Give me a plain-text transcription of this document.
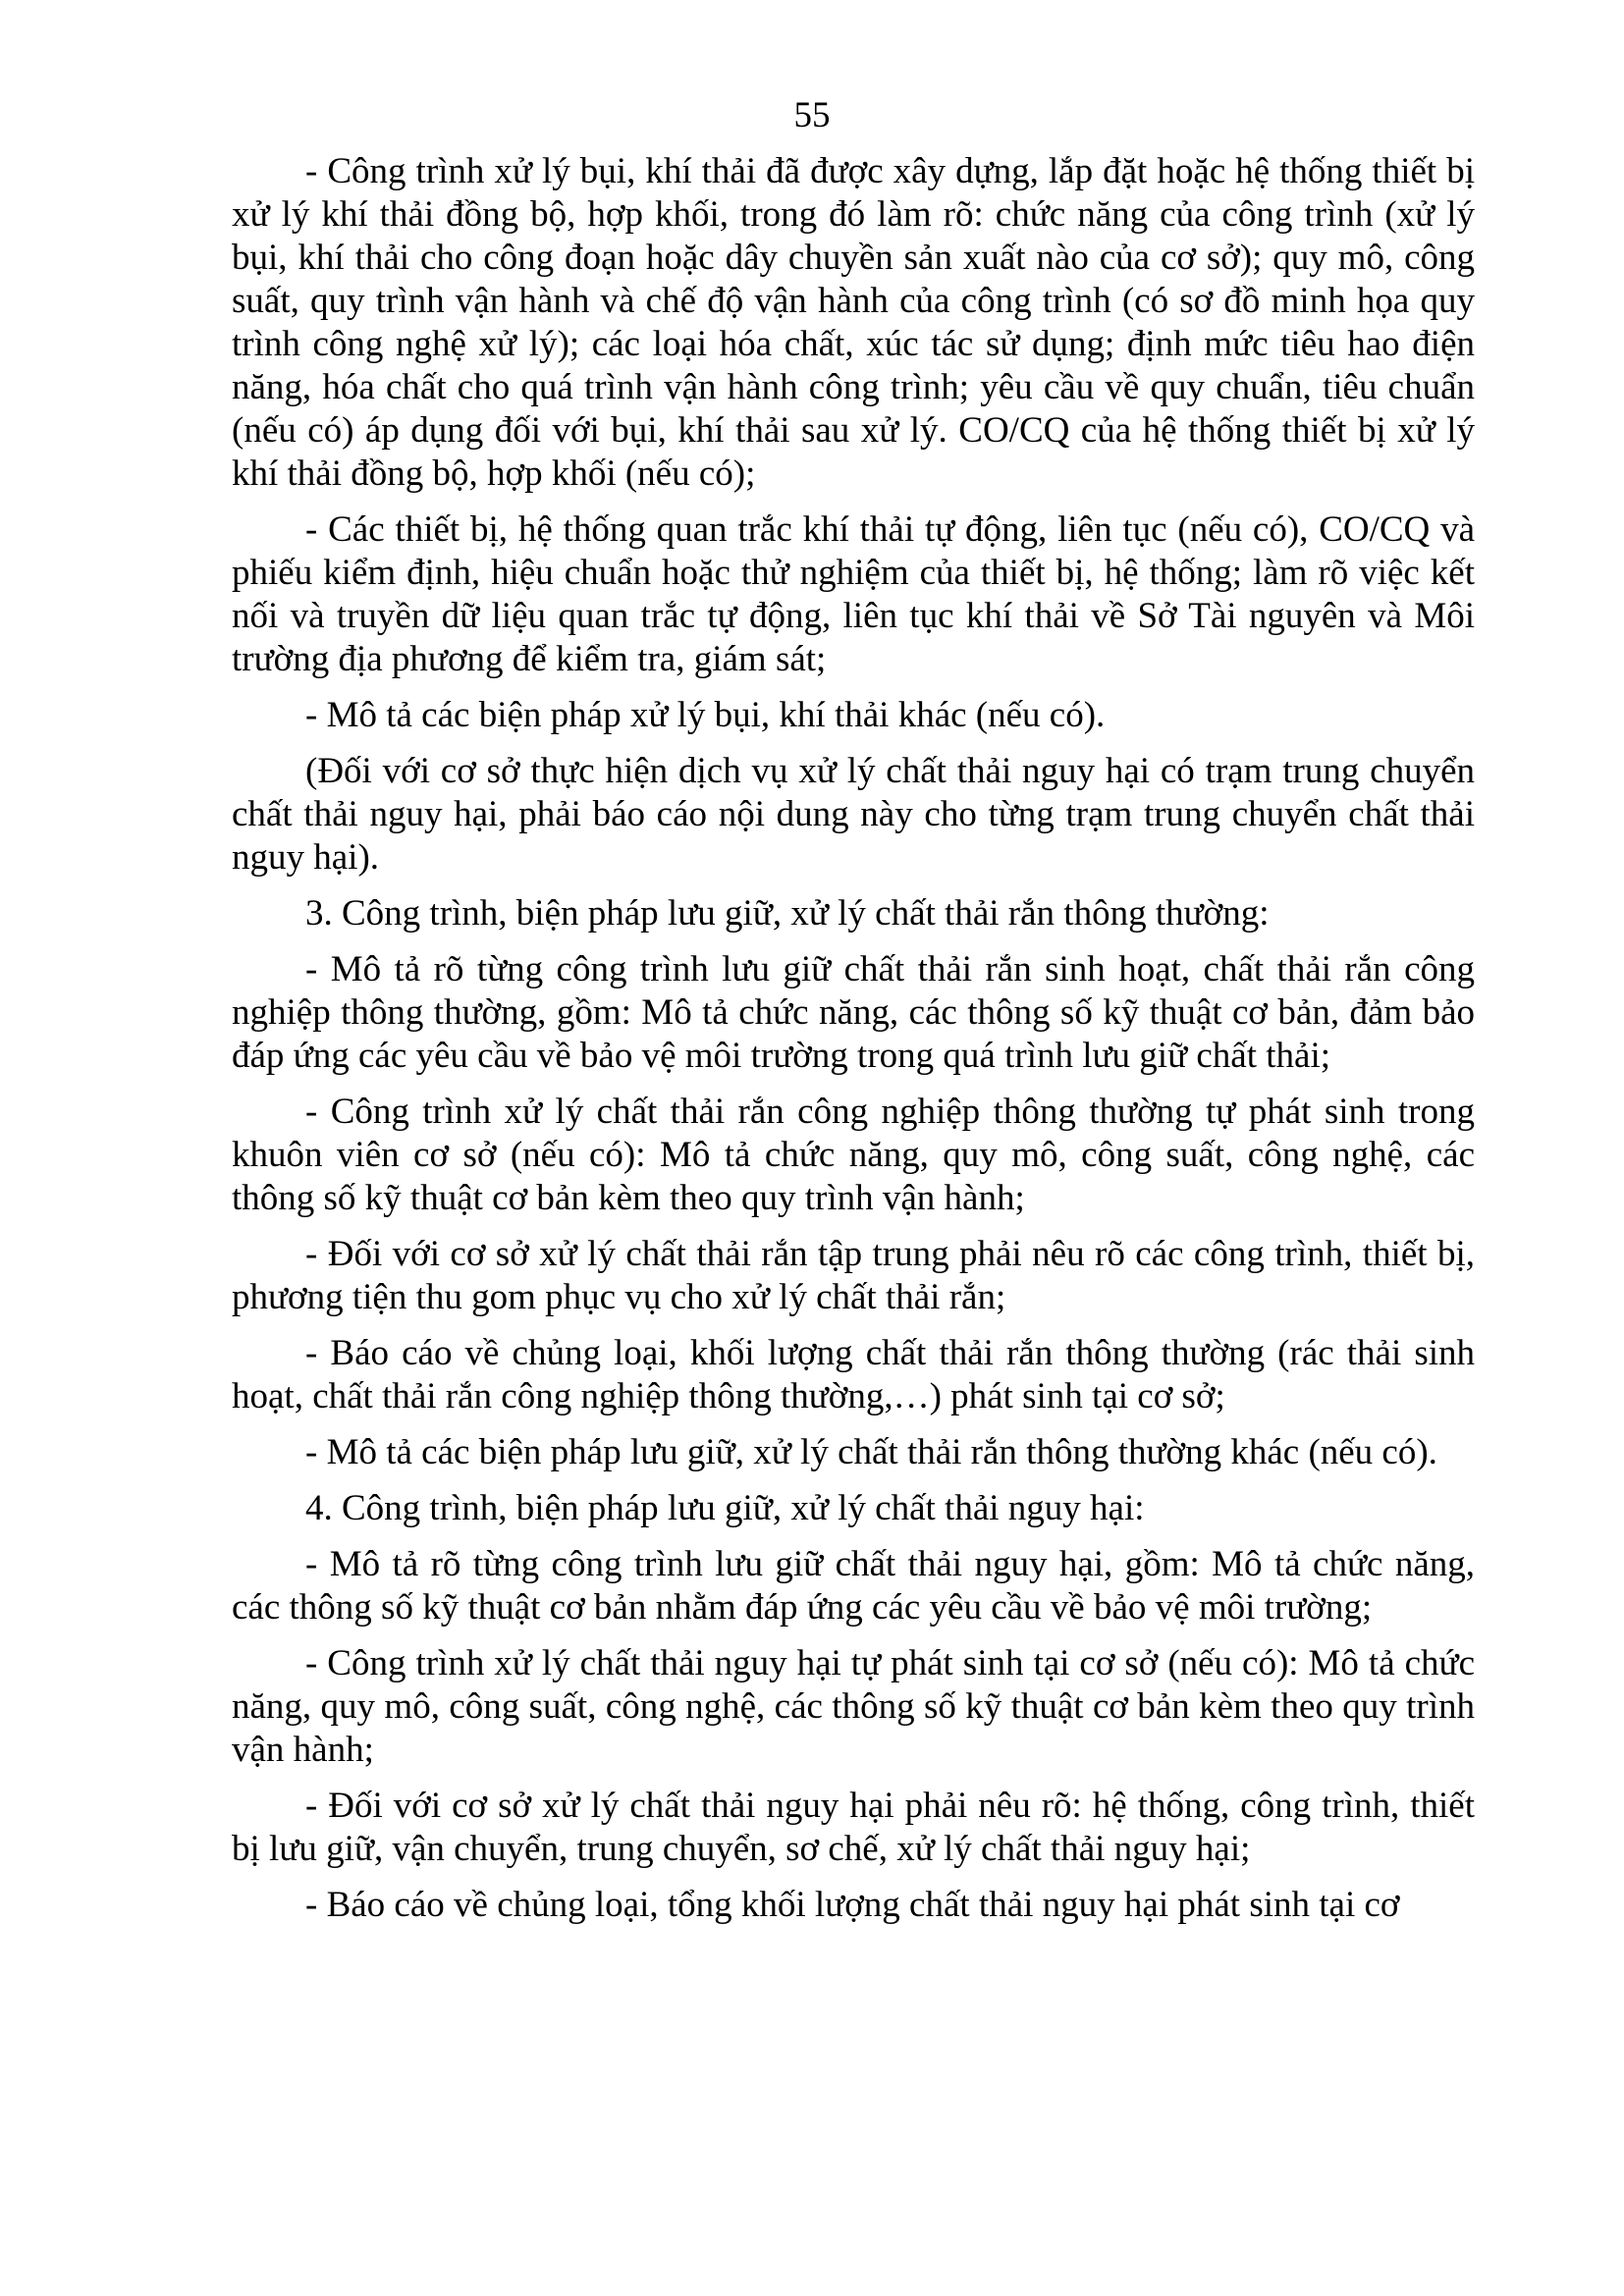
55

- Công trình xử lý bụi, khí thải đã được xây dựng, lắp đặt hoặc hệ thống thiết bị xử lý khí thải đồng bộ, hợp khối, trong đó làm rõ: chức năng của công trình (xử lý bụi, khí thải cho công đoạn hoặc dây chuyền sản xuất nào của cơ sở); quy mô, công suất, quy trình vận hành và chế độ vận hành của công trình (có sơ đồ minh họa quy trình công nghệ xử lý); các loại hóa chất, xúc tác sử dụng; định mức tiêu hao điện năng, hóa chất cho quá trình vận hành công trình; yêu cầu về quy chuẩn, tiêu chuẩn (nếu có) áp dụng đối với bụi, khí thải sau xử lý. CO/CQ của hệ thống thiết bị xử lý khí thải đồng bộ, hợp khối (nếu có);

- Các thiết bị, hệ thống quan trắc khí thải tự động, liên tục (nếu có), CO/CQ và phiếu kiểm định, hiệu chuẩn hoặc thử nghiệm của thiết bị, hệ thống; làm rõ việc kết nối và truyền dữ liệu quan trắc tự động, liên tục khí thải về Sở Tài nguyên và Môi trường địa phương để kiểm tra, giám sát;

- Mô tả các biện pháp xử lý bụi, khí thải khác (nếu có).

(Đối với cơ sở thực hiện dịch vụ xử lý chất thải nguy hại có trạm trung chuyển chất thải nguy hại, phải báo cáo nội dung này cho từng trạm trung chuyển chất thải nguy hại).

3. Công trình, biện pháp lưu giữ, xử lý chất thải rắn thông thường:

- Mô tả rõ từng công trình lưu giữ chất thải rắn sinh hoạt, chất thải rắn công nghiệp thông thường, gồm: Mô tả chức năng, các thông số kỹ thuật cơ bản, đảm bảo đáp ứng các yêu cầu về bảo vệ môi trường trong quá trình lưu giữ chất thải;

- Công trình xử lý chất thải rắn công nghiệp thông thường tự phát sinh trong khuôn viên cơ sở (nếu có): Mô tả chức năng, quy mô, công suất, công nghệ, các thông số kỹ thuật cơ bản kèm theo quy trình vận hành;

- Đối với cơ sở xử lý chất thải rắn tập trung phải nêu rõ các công trình, thiết bị, phương tiện thu gom phục vụ cho xử lý chất thải rắn;

- Báo cáo về chủng loại, khối lượng chất thải rắn thông thường (rác thải sinh hoạt, chất thải rắn công nghiệp thông thường,…) phát sinh tại cơ sở;

- Mô tả các biện pháp lưu giữ, xử lý chất thải rắn thông thường khác (nếu có).

4. Công trình, biện pháp lưu giữ, xử lý chất thải nguy hại:

- Mô tả rõ từng công trình lưu giữ chất thải nguy hại, gồm: Mô tả chức năng, các thông số kỹ thuật cơ bản nhằm đáp ứng các yêu cầu về bảo vệ môi trường;

- Công trình xử lý chất thải nguy hại tự phát sinh tại cơ sở (nếu có): Mô tả chức năng, quy mô, công suất, công nghệ, các thông số kỹ thuật cơ bản kèm theo quy trình vận hành;

- Đối với cơ sở xử lý chất thải nguy hại phải nêu rõ: hệ thống, công trình, thiết bị lưu giữ, vận chuyển, trung chuyển, sơ chế, xử lý chất thải nguy hại;

- Báo cáo về chủng loại, tổng khối lượng chất thải nguy hại phát sinh tại cơ
